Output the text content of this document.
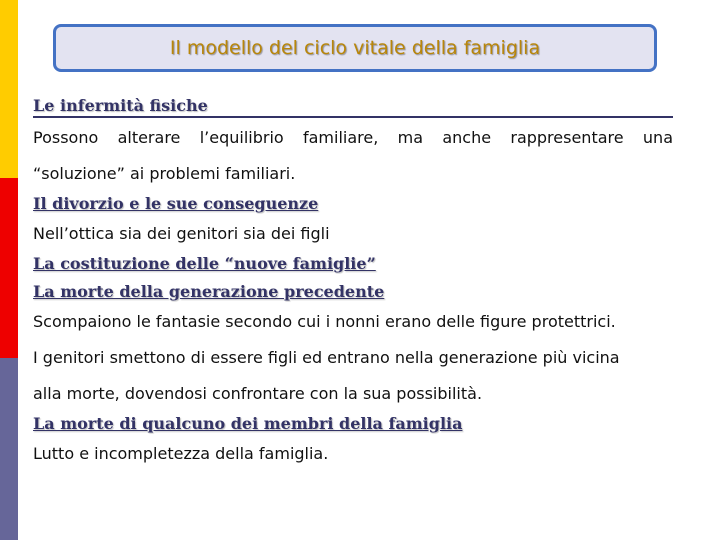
Il modello del ciclo vitale della famiglia
Le infermità fisiche
Possono alterare l’equilibrio familiare, ma anche rappresentare una
“soluzione” ai problemi familiari.
Il divorzio e le sue conseguenze
Nell’ottica sia dei genitori sia dei figli
La costituzione delle “nuove famiglie”
La morte della generazione precedente
Scompaiono le fantasie secondo cui i nonni erano delle figure protettrici.
I genitori smettono di essere figli ed entrano nella generazione più vicina
alla morte, dovendosi confrontare con la sua possibilità.
La morte di qualcuno dei membri della famiglia
Lutto e incompletezza della famiglia.
